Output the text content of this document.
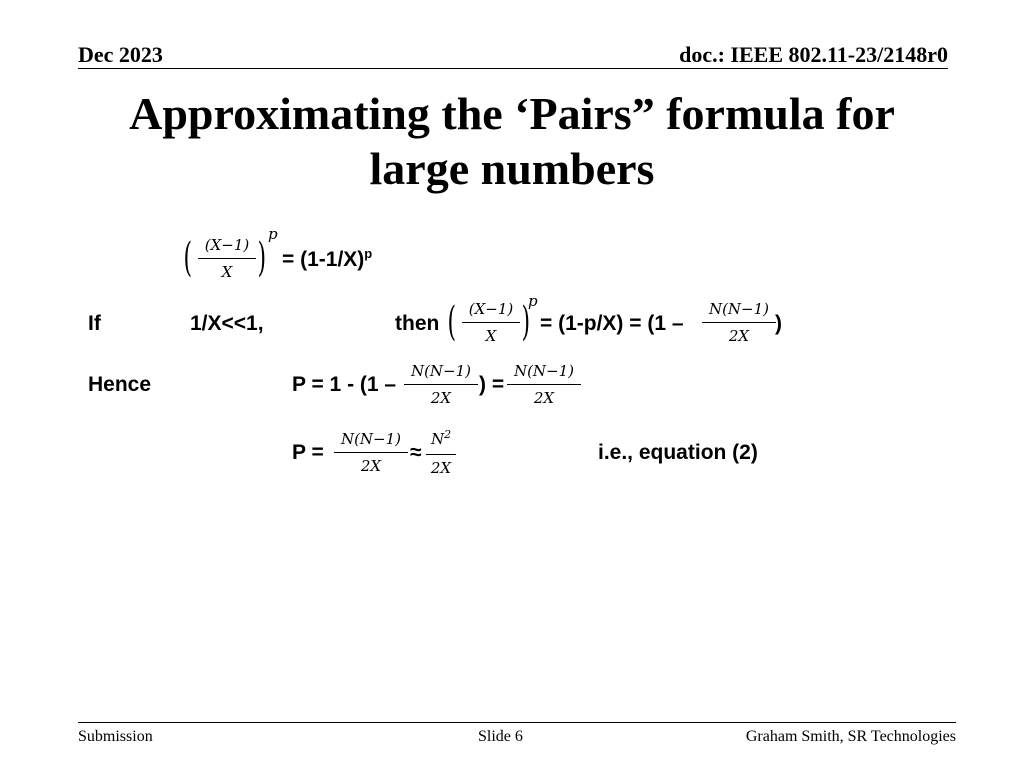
Dec 2023	doc.: IEEE 802.11-23/2148r0
Approximating the ‘Pairs” formula for
large numbers
( (X−1)
X )
p
= $(1-1/X)^p$
If	1/X<<1,	then ( (X−1)
X )
p
= (1-p/X) = (1 –
N(N−1)
2X
)
Hence	P = 1 - (1 –
N(N−1)
2X
) =
N(N−1)
2X
P =
N(N−1)
2X
≈
$N^2$
2X
i.e., equation (2)
Submission	Slide 6	Graham Smith, SR Technologies
